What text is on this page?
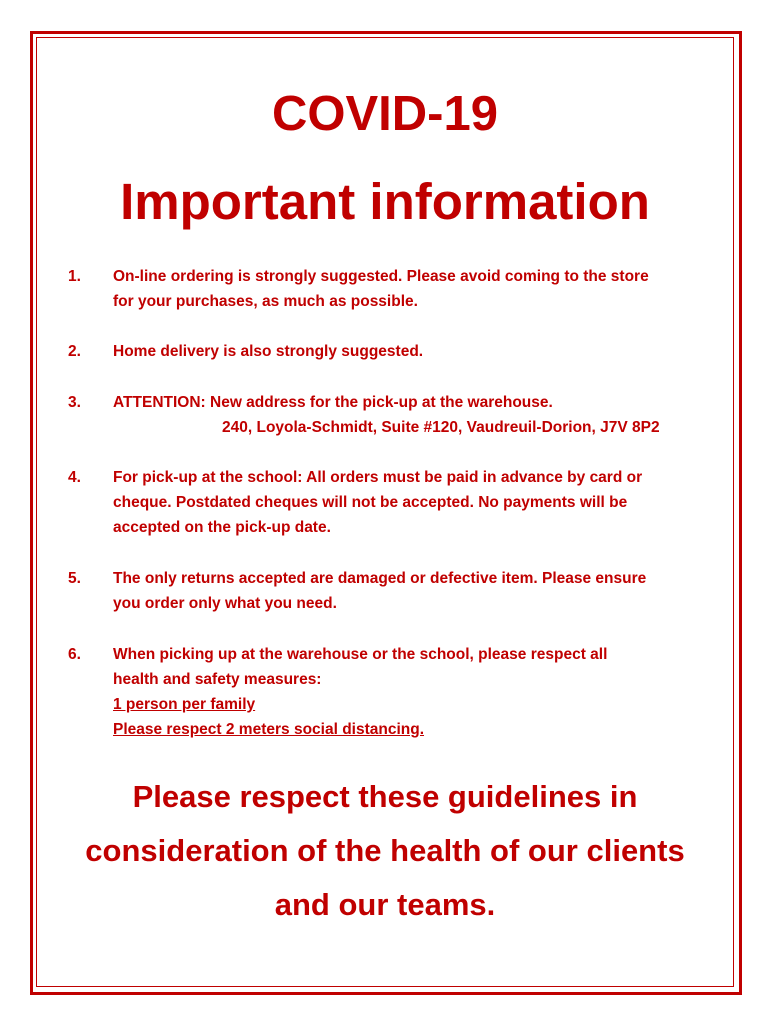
COVID-19
Important information
1. On-line ordering is strongly suggested. Please avoid coming to the store
for your purchases, as much as possible.
2. Home delivery is also strongly suggested.
3. ATTENTION: New address for the pick-up at the warehouse.
240, Loyola-Schmidt, Suite #120, Vaudreuil-Dorion, J7V 8P2
4. For pick-up at the school: All orders must be paid in advance by card or
cheque. Postdated cheques will not be accepted. No payments will be
accepted on the pick-up date.
5. The only returns accepted are damaged or defective item. Please ensure
you order only what you need.
6. When picking up at the warehouse or the school, please respect all
health and safety measures:
1 person per family
Please respect 2 meters social distancing.
Please respect these guidelines in
consideration of the health of our clients
and our teams.
